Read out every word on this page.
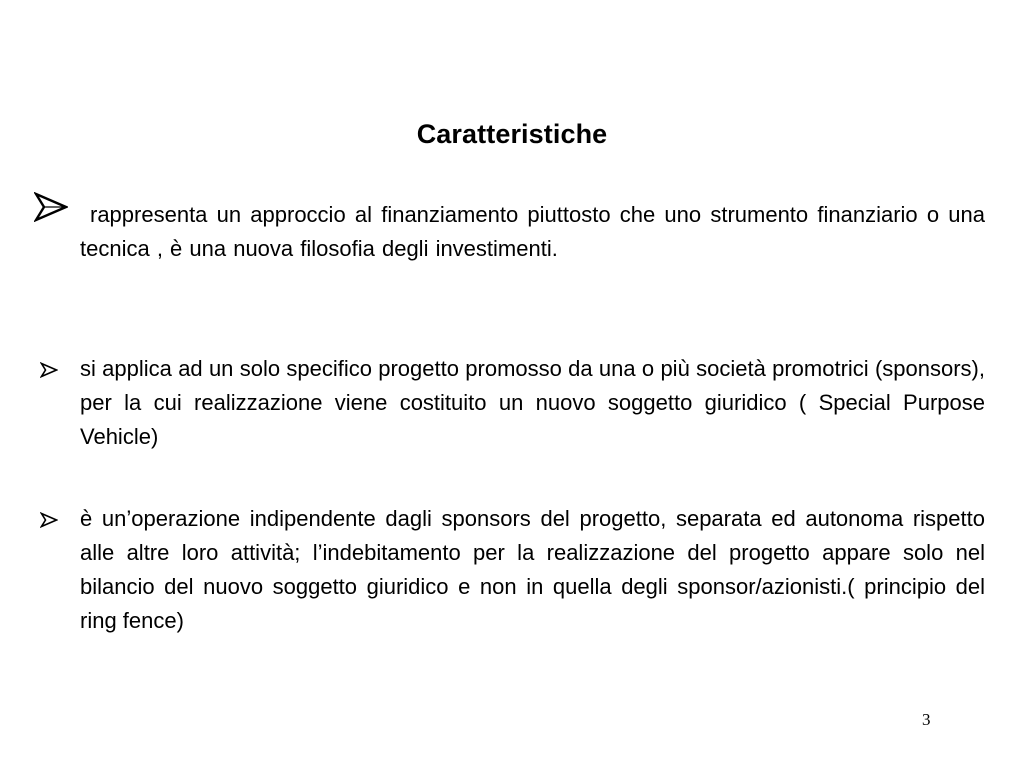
Caratteristiche
rappresenta un approccio al finanziamento piuttosto che uno strumento finanziario o una tecnica , è una nuova filosofia degli investimenti.
si applica ad un solo specifico progetto promosso da una o più società promotrici (sponsors), per la cui realizzazione viene costituito un nuovo soggetto giuridico ( Special Purpose Vehicle)
è un’operazione indipendente dagli sponsors del progetto, separata ed autonoma rispetto alle altre loro attività; l’indebitamento per la realizzazione del progetto appare solo nel bilancio del nuovo soggetto giuridico e non in quella degli sponsor/azionisti.( principio del ring fence)
3
